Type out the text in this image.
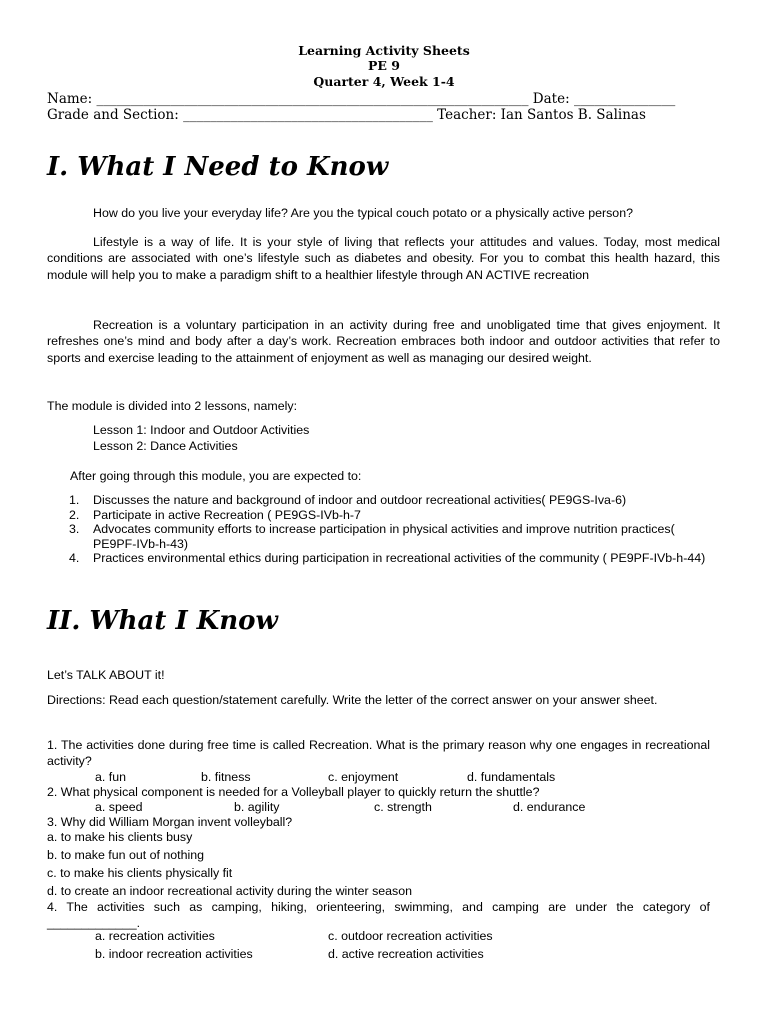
Learning Activity Sheets
PE 9
Quarter 4, Week 1-4
Name: ________________________________________________________________ Date: _______________
Grade and Section: _____________________________________ Teacher: Ian Santos B. Salinas
I. What I Need to Know
How do you live your everyday life? Are you the typical couch potato or a physically active person?
Lifestyle is a way of life. It is your style of living that reflects your attitudes and values. Today, most medical conditions are associated with one’s lifestyle such as diabetes and obesity. For you to combat this health hazard, this module will help you to make a paradigm shift to a healthier lifestyle through AN ACTIVE recreation
Recreation is a voluntary participation in an activity during free and unobligated time that gives enjoyment. It refreshes one’s mind and body after a day’s work. Recreation embraces both indoor and outdoor activities that refer to sports and exercise leading to the attainment of enjoyment as well as managing our desired weight.
The module is divided into 2 lessons, namely:
Lesson 1: Indoor and Outdoor Activities
Lesson 2: Dance Activities
After going through this module, you are expected to:
1.	Discusses the nature and background of indoor and outdoor recreational activities( PE9GS-Iva-6)
2.	Participate in active Recreation ( PE9GS-IVb-h-7
3.	Advocates community efforts to increase participation in physical activities and improve nutrition practices( PE9PF-IVb-h-43)
4.	Practices environmental ethics during participation in recreational activities of the community ( PE9PF-IVb-h-44)
II. What I Know
Let’s TALK ABOUT it!
Directions: Read each question/statement carefully. Write the letter of the correct answer on your answer sheet.
1. The activities done during free time is called Recreation. What is the primary reason why one engages in recreational activity?
a. fun	b. fitness	c. enjoyment	d. fundamentals
2. What physical component is needed for a Volleyball player to quickly return the shuttle?
a. speed	b. agility	c. strength	d. endurance
3. Why did William Morgan invent volleyball?
a. to make his clients busy
b. to make fun out of nothing
c. to make his clients physically fit
d. to create an indoor recreational activity during the winter season
4. The activities such as camping, hiking, orienteering, swimming, and camping are under the category of _____________.
a. recreation activities	c. outdoor recreation activities
b. indoor recreation activities	d. active recreation activities
